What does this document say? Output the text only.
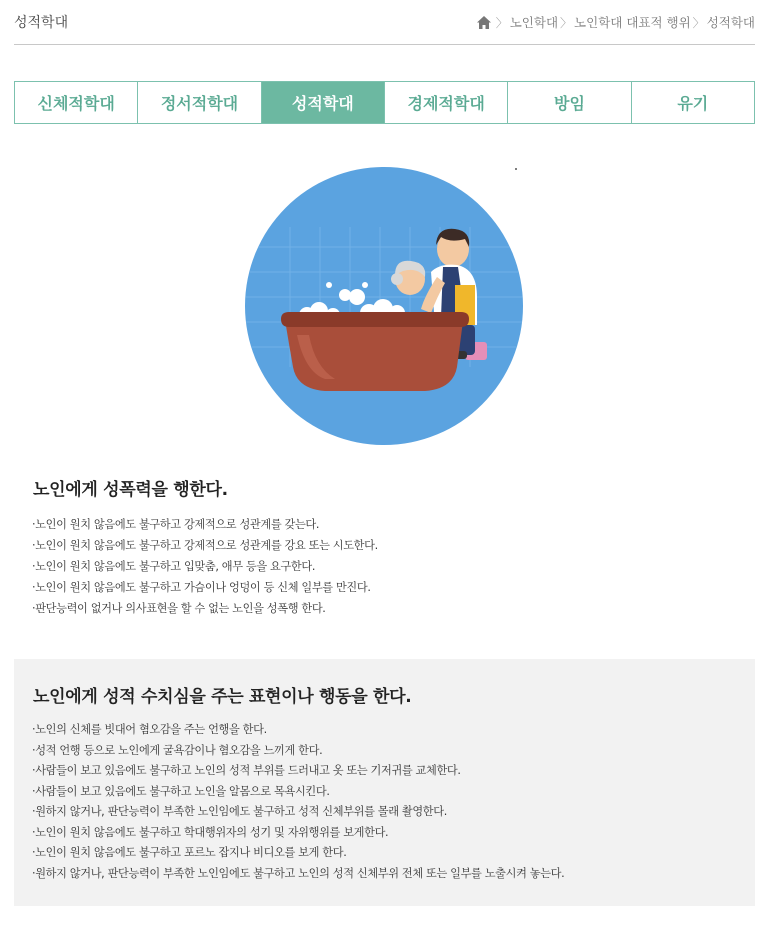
성적학대	〉 노인학대 〉 노인학대 대표적 행위 〉 성적학대
신체적학대	정서적학대	성적학대	경제적학대	방임	유기
노인에게 성폭력을 행한다.
·노인이 원치 않음에도 불구하고 강제적으로 성관계를 갖는다.
·노인이 원치 않음에도 불구하고 강제적으로 성관계를 강요 또는 시도한다.
·노인이 원치 않음에도 불구하고 입맞춤, 애무 등을 요구한다.
·노인이 원치 않음에도 불구하고 가슴이나 엉덩이 등 신체 일부를 만진다.
·판단능력이 없거나 의사표현을 할 수 없는 노인을 성폭행 한다.
노인에게 성적 수치심을 주는 표현이나 행동을 한다.
·노인의 신체를 빗대어 혐오감을 주는 언행을 한다.
·성적 언행 등으로 노인에게 굴욕감이나 혐오감을 느끼게 한다.
·사람들이 보고 있음에도 불구하고 노인의 성적 부위를 드러내고 옷 또는 기저귀를 교체한다.
·사람들이 보고 있음에도 불구하고 노인을 알몸으로 목욕시킨다.
·원하지 않거나, 판단능력이 부족한 노인임에도 불구하고 성적 신체부위를 몰래 촬영한다.
·노인이 원치 않음에도 불구하고 학대행위자의 성기 및 자위행위를 보게한다.
·노인이 원치 않음에도 불구하고 포르노 잡지나 비디오를 보게 한다.
·원하지 않거나, 판단능력이 부족한 노인임에도 불구하고 노인의 성적 신체부위 전체 또는 일부를 노출시켜 놓는다.
